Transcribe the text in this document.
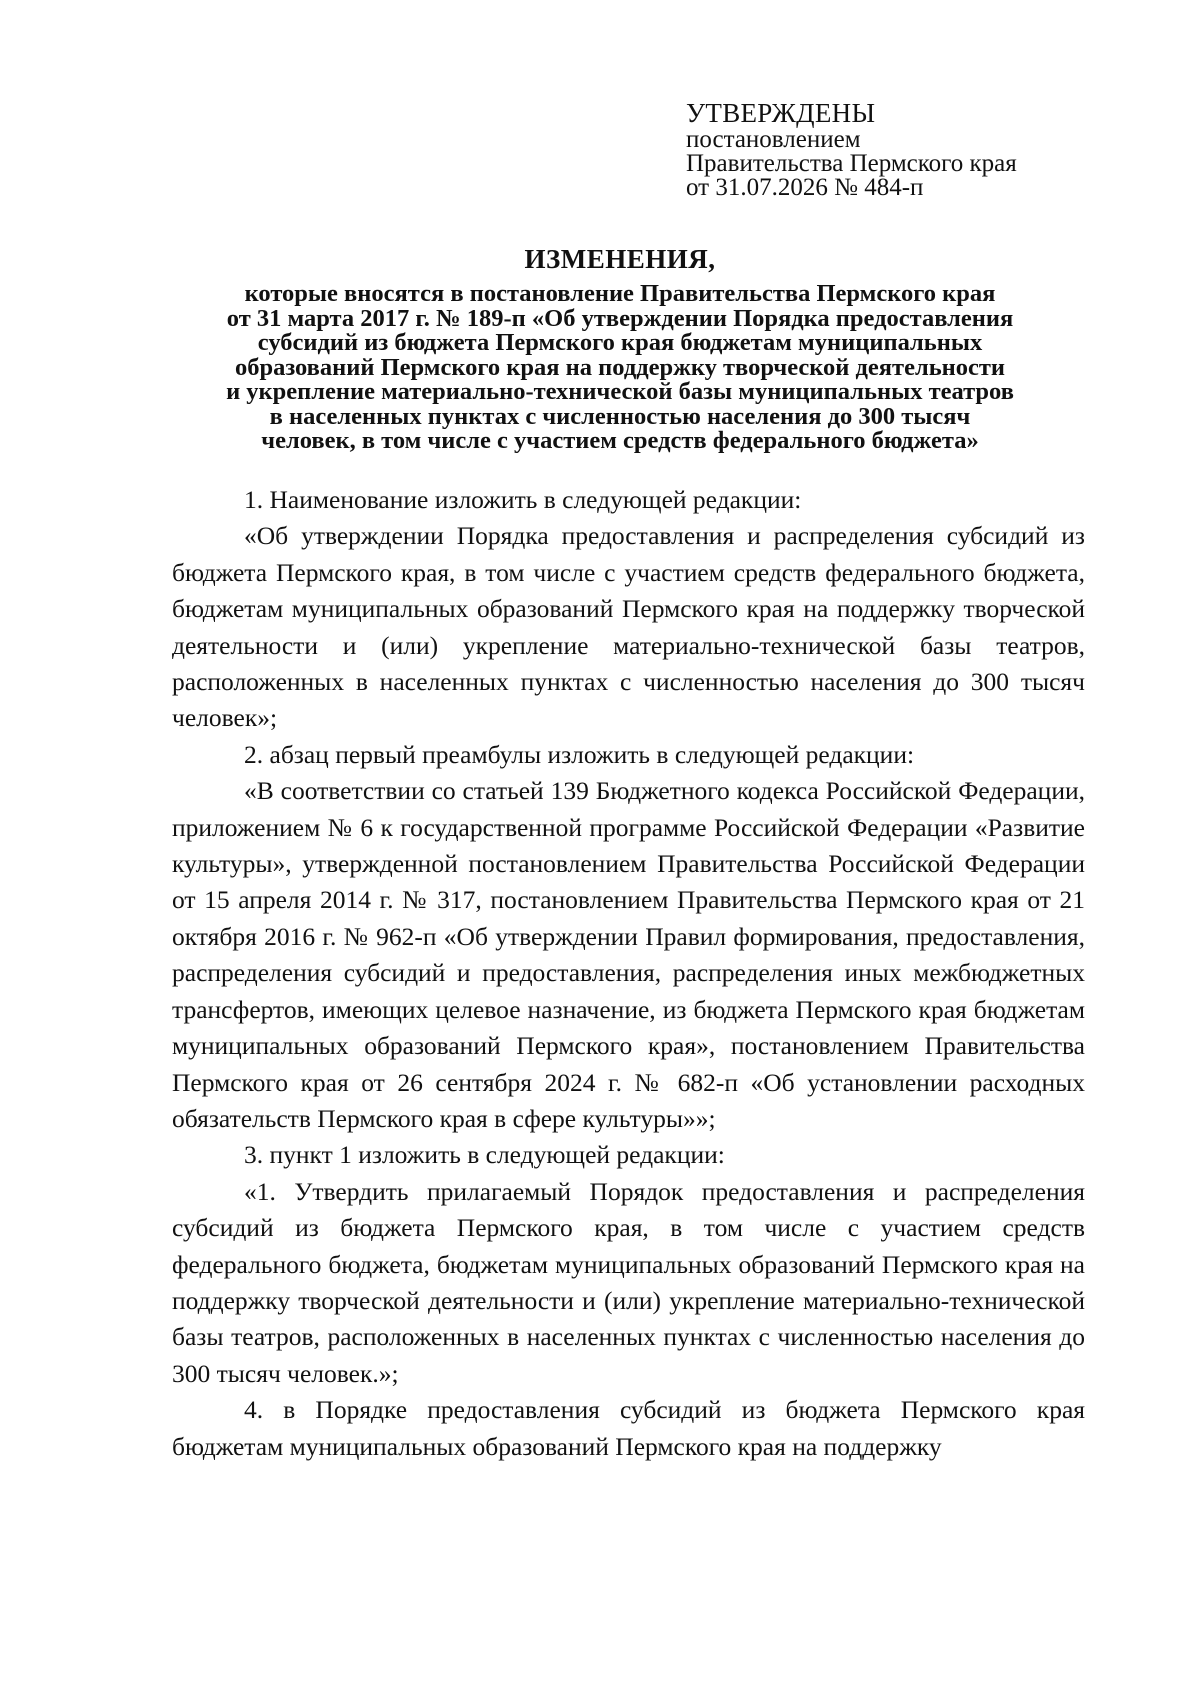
УТВЕРЖДЕНЫ
постановлением
Правительства Пермского края
от 31.07.2026 № 484-п
ИЗМЕНЕНИЯ,
которые вносятся в постановление Правительства Пермского края
от 31 марта 2017 г. № 189-п «Об утверждении Порядка предоставления
субсидий из бюджета Пермского края бюджетам муниципальных
образований Пермского края на поддержку творческой деятельности
и укрепление материально-технической базы муниципальных театров
в населенных пунктах с численностью населения до 300 тысяч
человек, в том числе с участием средств федерального бюджета»

1. Наименование изложить в следующей редакции:

«Об утверждении Порядка предоставления и распределения субсидий из бюджета Пермского края, в том числе с участием средств федерального бюджета, бюджетам муниципальных образований Пермского края на поддержку творческой деятельности и (или) укрепление материально-технической базы театров, расположенных в населенных пунктах с численностью населения до 300 тысяч человек»;

2. абзац первый преамбулы изложить в следующей редакции:

«В соответствии со статьей 139 Бюджетного кодекса Российской Федерации, приложением № 6 к государственной программе Российской Федерации «Развитие культуры», утвержденной постановлением Правительства Российской Федерации от 15 апреля 2014 г. № 317, постановлением Правительства Пермского края от 21 октября 2016 г. № 962-п «Об утверждении Правил формирования, предоставления, распределения субсидий и предоставления, распределения иных межбюджетных трансфертов, имеющих целевое назначение, из бюджета Пермского края бюджетам муниципальных образований Пермского края», постановлением Правительства Пермского края от 26 сентября 2024 г. № 682-п «Об установлении расходных обязательств Пермского края в сфере культуры»»;

3. пункт 1 изложить в следующей редакции:

«1. Утвердить прилагаемый Порядок предоставления и распределения субсидий из бюджета Пермского края, в том числе с участием средств федерального бюджета, бюджетам муниципальных образований Пермского края на поддержку творческой деятельности и (или) укрепление материально-технической базы театров, расположенных в населенных пунктах с численностью населения до 300 тысяч человек.»;

4. в Порядке предоставления субсидий из бюджета Пермского края бюджетам муниципальных образований Пермского края на поддержку
